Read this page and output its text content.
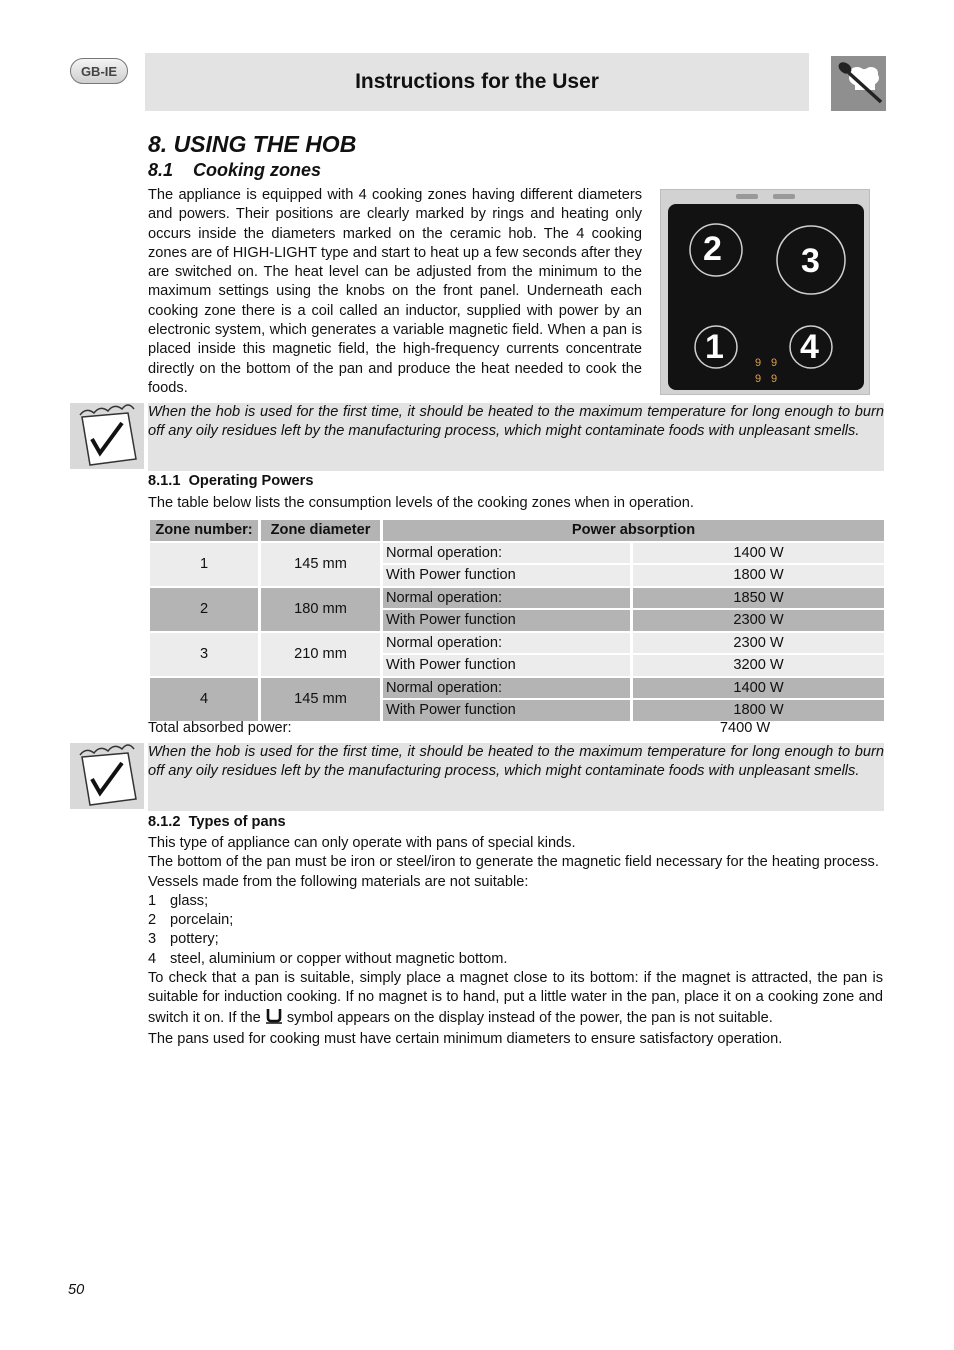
GB-IE	Instructions for the User
8. USING THE HOB
8.1    Cooking zones
The appliance is equipped with 4 cooking zones having different diameters and powers. Their positions are clearly marked by rings and heating only occurs inside the diameters marked on the ceramic hob. The 4 cooking zones are of HIGH-LIGHT type and start to heat up a few seconds after they are switched on. The heat level can be adjusted from the minimum to the maximum settings using the knobs on the front panel. Underneath each cooking zone there is a coil called an inductor, supplied with power by an electronic system, which generates a variable magnetic field. When a pan is placed inside this magnetic field, the high-frequency currents concentrate directly on the bottom of the pan and produce the heat needed to cook the foods.
2 3
1 4
9 9
9 9
When the hob is used for the first time, it should be heated to the maximum temperature for long enough to burn off any oily residues left by the manufacturing process, which might contaminate foods with unpleasant smells.
8.1.1  Operating Powers
The table below lists the consumption levels of the cooking zones when in operation.
Zone number:	Zone diameter	Power absorption	
1	145 mm	Normal operation:	1400 W
		With Power function	1800 W
2	180 mm	Normal operation:	1850 W
		With Power function	2300 W
3	210 mm	Normal operation:	2300 W
		With Power function	3200 W
4	145 mm	Normal operation:	1400 W
		With Power function	1800 W
Total absorbed power:	7400 W
When the hob is used for the first time, it should be heated to the maximum temperature for long enough to burn off any oily residues left by the manufacturing process, which might contaminate foods with unpleasant smells.
8.1.2  Types of pans
This type of appliance can only operate with pans of special kinds.
The bottom of the pan must be iron or steel/iron to generate the magnetic field necessary for the heating process.
Vessels made from the following materials are not suitable:
1 glass;
2 porcelain;
3 pottery;
4 steel, aluminium or copper without magnetic bottom.
To check that a pan is suitable, simply place a magnet close to its bottom: if the magnet is attracted, the pan is suitable for induction cooking. If no magnet is to hand, put a little water in the pan, place it on a cooking zone and switch it on. If the symbol appears on the display instead of the power, the pan is not suitable.
The pans used for cooking must have certain minimum diameters to ensure satisfactory operation.
50
